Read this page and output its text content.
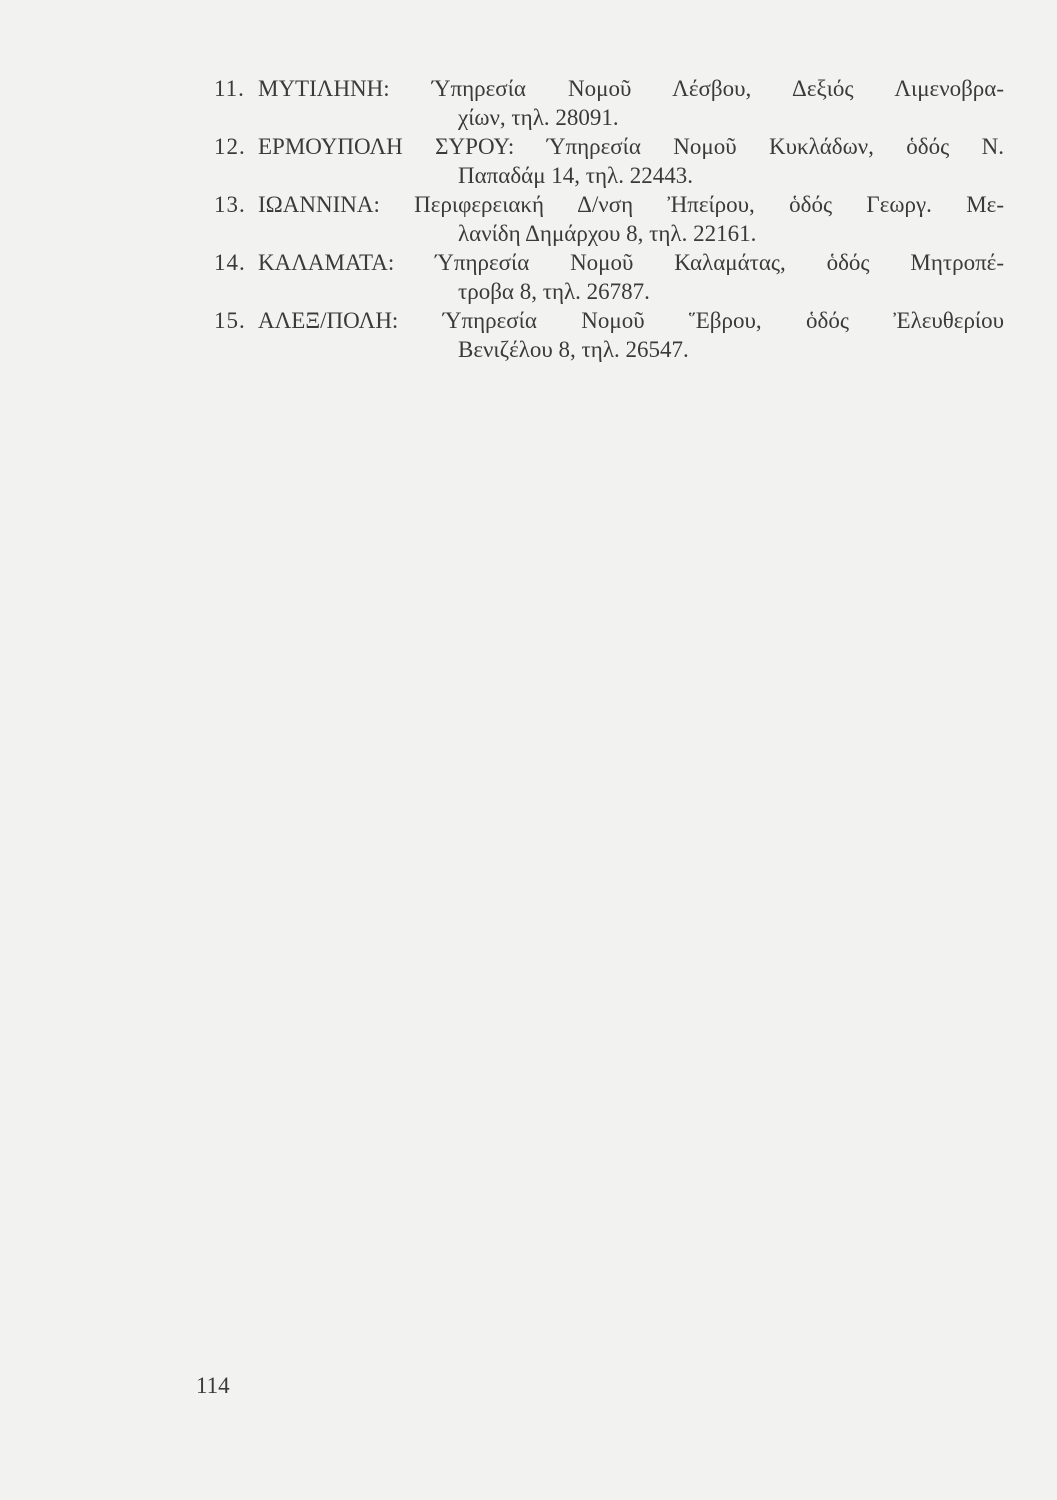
11. ΜΥΤΙΛΗΝΗ: Ύπηρεσία Νομοῦ Λέσβου, Δεξιός Λιμενοβρα-
χίων, τηλ. 28091.
12. ΕΡΜΟΥΠΟΛΗ ΣΥΡΟΥ: Ύπηρεσία Νομοῦ Κυκλάδων, ὁδός Ν.
Παπαδάμ 14, τηλ. 22443.
13. ΙΩΑΝΝΙΝΑ: Περιφερειακή Δ/νση Ἠπείρου, ὁδός Γεωργ. Με-
λανίδη Δημάρχου 8, τηλ. 22161.
14. ΚΑΛΑΜΑΤΑ: Ύπηρεσία Νομοῦ Καλαμάτας, ὁδός Μητροπέ-
τροβα 8, τηλ. 26787.
15. ΑΛΕΞ/ΠΟΛΗ: Ύπηρεσία Νομοῦ Ἕβρου, ὁδός Ἐλευθερίου
Βενιζέλου 8, τηλ. 26547.
114
